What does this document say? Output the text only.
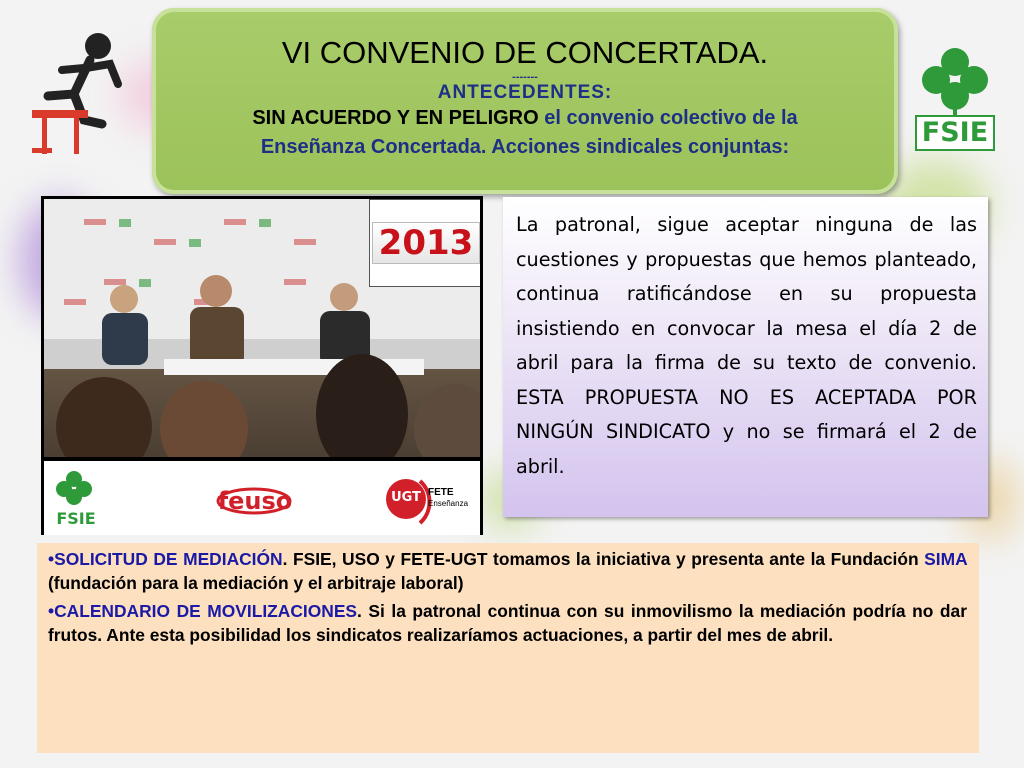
VI CONVENIO DE CONCERTADA.
-------
ANTECEDENTES:
SIN ACUERDO Y EN PELIGRO el convenio colectivo de la
Enseñanza Concertada. Acciones sindicales conjuntas:	FSIE
2013
FSIE
feuso	UGT FETE
Enseñanza

La patronal, sigue aceptar ninguna de las cuestiones y propuestas que hemos planteado, continua ratificándose en su propuesta insistiendo en convocar la mesa el día 2 de abril para la firma de su texto de convenio. ESTA PROPUESTA NO ES ACEPTADA POR NINGÚN SINDICATO y no se firmará el 2 de abril.

•SOLICITUD DE MEDIACIÓN. FSIE, USO y FETE-UGT tomamos la iniciativa y presenta ante la Fundación SIMA (fundación para la mediación y el arbitraje laboral)

•CALENDARIO DE MOVILIZACIONES. Si la patronal continua con su inmovilismo la mediación podría no dar frutos. Ante esta posibilidad los sindicatos realizaríamos actuaciones, a partir del mes de abril.
